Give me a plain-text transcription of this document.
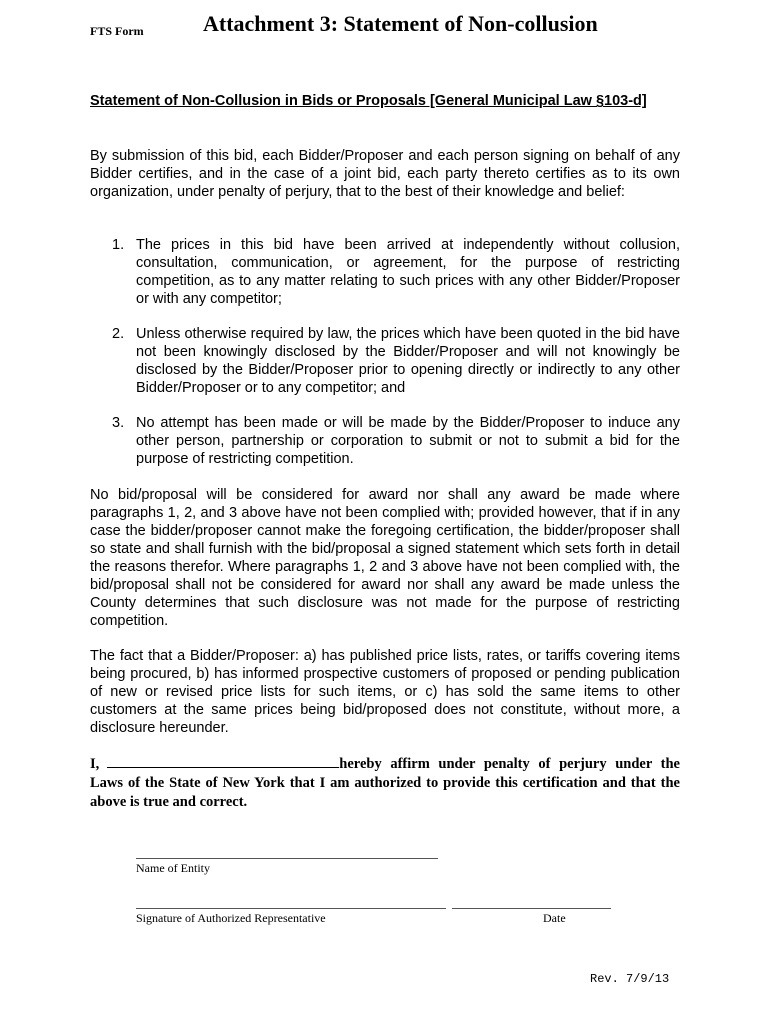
FTS Form	Attachment 3: Statement of Non-collusion
Statement of Non-Collusion in Bids or Proposals [General Municipal Law §103-d]

By submission of this bid, each Bidder/Proposer and each person signing on behalf of any Bidder certifies, and in the case of a joint bid, each party thereto certifies as to its own organization, under penalty of perjury, that to the best of their knowledge and belief:

1. The prices in this bid have been arrived at independently without collusion, consultation, communication, or agreement, for the purpose of restricting competition, as to any matter relating to such prices with any other Bidder/Proposer or with any competitor;
2. Unless otherwise required by law, the prices which have been quoted in the bid have not been knowingly disclosed by the Bidder/Proposer and will not knowingly be disclosed by the Bidder/Proposer prior to opening directly or indirectly to any other Bidder/Proposer or to any competitor; and
3. No attempt has been made or will be made by the Bidder/Proposer to induce any other person, partnership or corporation to submit or not to submit a bid for the purpose of restricting competition.

No bid/proposal will be considered for award nor shall any award be made where paragraphs 1, 2, and 3 above have not been complied with; provided however, that if in any case the bidder/proposer cannot make the foregoing certification, the bidder/proposer shall so state and shall furnish with the bid/proposal a signed statement which sets forth in detail the reasons therefor. Where paragraphs 1, 2 and 3 above have not been complied with, the bid/proposal shall not be considered for award nor shall any award be made unless the County determines that such disclosure was not made for the purpose of restricting competition.

The fact that a Bidder/Proposer: a) has published price lists, rates, or tariffs covering items being procured, b) has informed prospective customers of proposed or pending publication of new or revised price lists for such items, or c) has sold the same items to other customers at the same prices being bid/proposed does not constitute, without more, a disclosure hereunder.

I,	hereby affirm under penalty of perjury under the Laws of the State of New York that I am authorized to provide this certification and that the above is true and correct.

Name of Entity
Signature of Authorized Representative	Date
Rev. 7/9/13
